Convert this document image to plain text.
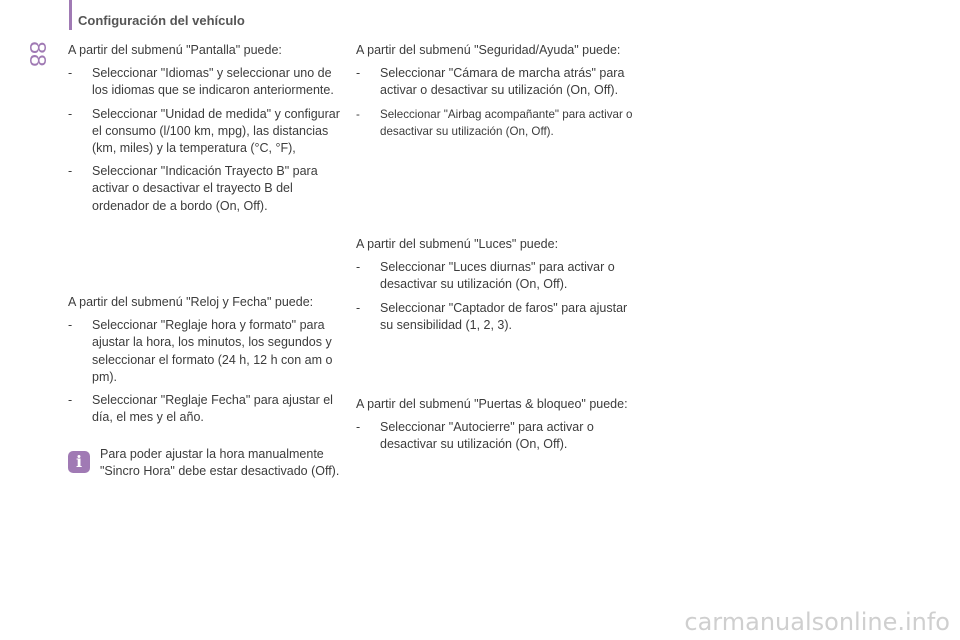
88
Configuración del vehículo

A partir del submenú "Pantalla" puede:

-	Seleccionar "Idiomas" y seleccionar uno de los idiomas que se indicaron anteriormente.
-	Seleccionar "Unidad de medida" y configurar el consumo (l/100 km, mpg), las distancias (km, miles) y la temperatura (°C, °F),
-	Seleccionar "Indicación Trayecto B" para activar o desactivar el trayecto B del ordenador de a bordo (On, Off).

A partir del submenú "Reloj y Fecha" puede:

-	Seleccionar "Reglaje hora y formato" para ajustar la hora, los minutos, los segundos y seleccionar el formato (24 h, 12 h con am o pm).
-	Seleccionar "Reglaje Fecha" para ajustar el día, el mes y el año.
i	Para poder ajustar la hora manualmente "Sincro Hora" debe estar desactivado (Off).

A partir del submenú "Seguridad/Ayuda" puede:

-	Seleccionar "Cámara de marcha atrás" para activar o desactivar su utilización (On, Off).
-	Seleccionar "Airbag acompañante" para activar o desactivar su utilización (On, Off).

A partir del submenú "Luces" puede:

-	Seleccionar "Luces diurnas" para activar o desactivar su utilización (On, Off).
-	Seleccionar "Captador de faros" para ajustar su sensibilidad (1, 2, 3).

A partir del submenú "Puertas & bloqueo" puede:

-	Seleccionar "Autocierre" para activar o desactivar su utilización (On, Off).
carmanualsonline.info
